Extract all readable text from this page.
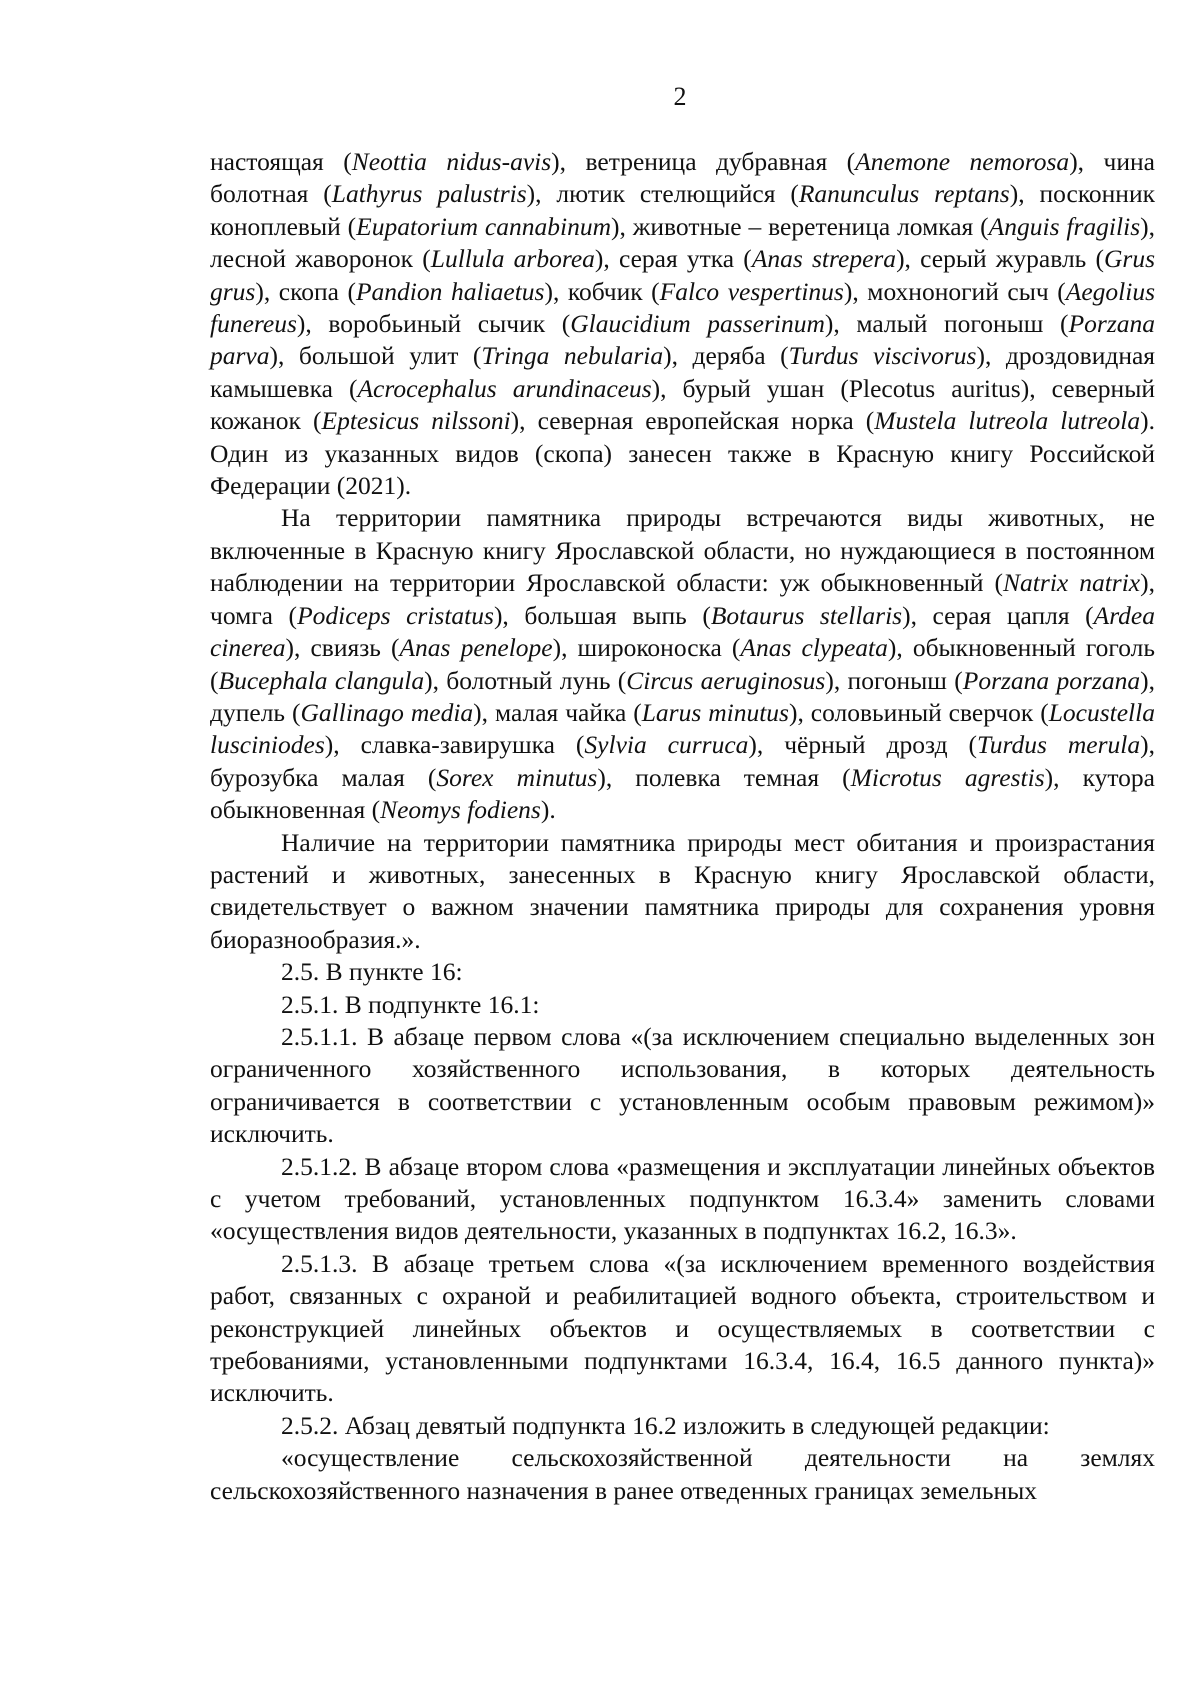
2

настоящая (Neottia nidus-avis), ветреница дубравная (Anemone nemorosa), чина болотная (Lathyrus palustris), лютик стелющийся (Ranunculus reptans), посконник коноплевый (Eupatorium cannabinum), животные – веретеница ломкая (Anguis fragilis), лесной жаворонок (Lullula arborea), серая утка (Anas strepera), серый журавль (Grus grus), скопа (Pandion haliaetus), кобчик (Falco vespertinus), мохноногий сыч (Aegolius funereus), воробьиный сычик (Glaucidium passerinum), малый погоныш (Porzana parva), большой улит (Tringa nebularia), деряба (Turdus viscivorus), дроздовидная камышевка (Acrocephalus arundinaceus), бурый ушан (Plecotus auritus), северный кожанок (Eptesicus nilssoni), северная европейская норка (Mustela lutreola lutreola). Один из указанных видов (скопа) занесен также в Красную книгу Российской Федерации (2021).

На территории памятника природы встречаются виды животных, не включенные в Красную книгу Ярославской области, но нуждающиеся в постоянном наблюдении на территории Ярославской области: уж обыкновенный (Natrix natrix), чомга (Podiceps cristatus), большая выпь (Botaurus stellaris), серая цапля (Ardea cinerea), свиязь (Anas penelope), широконоска (Anas clypeata), обыкновенный гоголь (Bucephala clangula), болотный лунь (Circus aeruginosus), погоныш (Porzana porzana), дупель (Gallinago media), малая чайка (Larus minutus), соловьиный сверчок (Locustella lusciniodes), славка-завирушка (Sylvia curruca), чёрный дрозд (Turdus merula), бурозубка малая (Sorex minutus), полевка темная (Microtus agrestis), кутора обыкновенная (Neomys fodiens).

Наличие на территории памятника природы мест обитания и произрастания растений и животных, занесенных в Красную книгу Ярославской области, свидетельствует о важном значении памятника природы для сохранения уровня биоразнообразия.».

2.5. В пункте 16:

2.5.1. В подпункте 16.1:

2.5.1.1. В абзаце первом слова «(за исключением специально выделенных зон ограниченного хозяйственного использования, в которых деятельность ограничивается в соответствии с установленным особым правовым режимом)» исключить.

2.5.1.2. В абзаце втором слова «размещения и эксплуатации линейных объектов с учетом требований, установленных подпунктом 16.3.4» заменить словами «осуществления видов деятельности, указанных в подпунктах 16.2, 16.3».

2.5.1.3. В абзаце третьем слова «(за исключением временного воздействия работ, связанных с охраной и реабилитацией водного объекта, строительством и реконструкцией линейных объектов и осуществляемых в соответствии с требованиями, установленными подпунктами 16.3.4, 16.4, 16.5 данного пункта)» исключить.

2.5.2. Абзац девятый подпункта 16.2 изложить в следующей редакции:

«осуществление сельскохозяйственной деятельности на землях сельскохозяйственного назначения в ранее отведенных границах земельных
